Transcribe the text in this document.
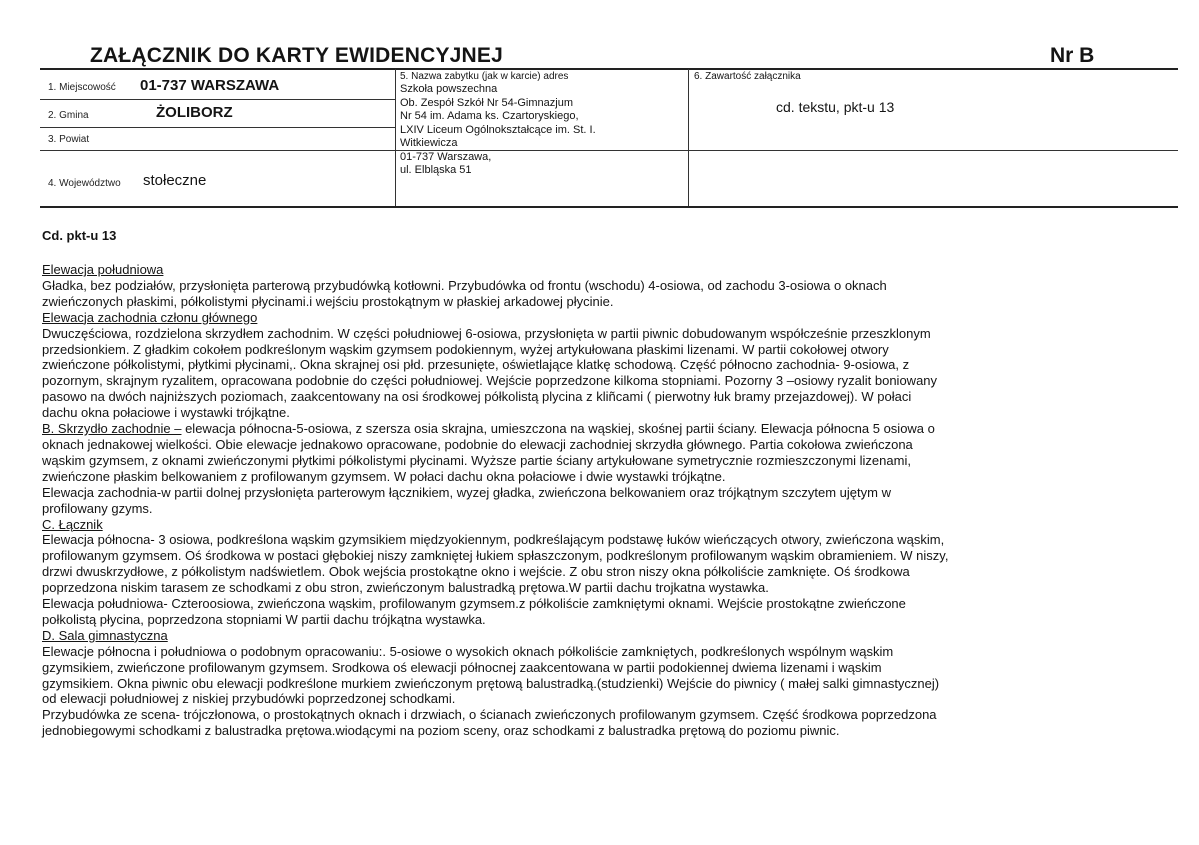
ZAŁĄCZNIK DO KARTY EWIDENCYJNEJ	Nr B
1. Miejscowość 01-737 WARSZAWA
2. Gmina	ŻOLIBORZ
3. Powiat
4. Województwo stołeczne
5. Nazwa zabytku (jak w karcie) adres
Szkoła powszechna
Ob. Zespół Szkół Nr 54-Gimnazjum
Nr 54 im. Adama ks. Czartoryskiego,
LXIV Liceum Ogólnokształcące im. St. I.
Witkiewicza
01-737 Warszawa,
ul. Elbląska 51
6. Zawartość załącznika
cd. tekstu, pkt-u 13
Cd. pkt-u 13

Elewacja południowa

Gładka, bez podziałów, przysłonięta parterową przybudówką kotłowni. Przybudówka od frontu (wschodu) 4-osiowa, od zachodu 3-osiowa o oknach

zwieńczonych płaskimi, półkolistymi płycinami.i wejściu prostokątnym w płaskiej arkadowej płycinie.

Elewacja zachodnia członu głównego

Dwuczęściowa, rozdzielona skrzydłem zachodnim. W części południowej 6-osiowa, przysłonięta w partii piwnic dobudowanym współcześnie przeszklonym

przedsionkiem. Z gładkim cokołem podkreślonym wąskim gzymsem podokiennym, wyżej artykułowana płaskimi lizenami. W partii cokołowej otwory

zwieńczone półkolistymi, płytkimi płycinami,. Okna skrajnej osi płd. przesunięte, oświetlające klatkę schodową. Część północno zachodnia- 9-osiowa, z

pozornym, skrajnym ryzalitem, opracowana podobnie do części południowej. Wejście poprzedzone kilkoma stopniami. Pozorny 3 –osiowy ryzalit boniowany

pasowo na dwóch najniższych poziomach, zaakcentowany na osi środkowej półkolistą plycina z kliñcami ( pierwotny łuk bramy przejazdowej). W połaci

dachu okna połaciowe i wystawki trójkątne.

B. Skrzydło zachodnie – elewacja północna-5-osiowa, z szersza osia skrajna, umieszczona na wąskiej, skośnej partii ściany. Elewacja północna 5 osiowa o

oknach jednakowej wielkości. Obie elewacje jednakowo opracowane, podobnie do elewacji zachodniej skrzydła głównego. Partia cokołowa zwieńczona

wąskim gzymsem, z oknami zwieńczonymi płytkimi półkolistymi płycinami. Wyższe partie ściany artykułowane symetrycznie rozmieszczonymi lizenami,

zwieńczone płaskim belkowaniem z profilowanym gzymsem. W połaci dachu okna połaciowe i dwie wystawki trójkątne.

Elewacja zachodnia-w partii dolnej przysłonięta parterowym łącznikiem, wyzej gładka, zwieńczona belkowaniem oraz trójkątnym szczytem ujętym w

profilowany gzyms.

C. Łącznik

Elewacja północna- 3 osiowa, podkreślona wąskim gzymsikiem międzyokiennym, podkreślającym podstawę łuków wieńczących otwory, zwieńczona wąskim,

profilowanym gzymsem. Oś środkowa w postaci głębokiej niszy zamkniętej łukiem spłaszczonym, podkreślonym profilowanym wąskim obramieniem. W niszy,

drzwi dwuskrzydłowe, z półkolistym nadświetlem. Obok wejścia prostokątne okno i wejście. Z obu stron niszy okna półkoliście zamknięte. Oś środkowa

poprzedzona niskim tarasem ze schodkami z obu stron, zwieńczonym balustradką prętowa.W partii dachu trojkatna wystawka.

Elewacja południowa- Czteroosiowa, zwieńczona wąskim, profilowanym gzymsem.z półkoliście zamkniętymi oknami. Wejście prostokątne zwieńczone

połkolistą płycina, poprzedzona stopniami W partii dachu trójkątna wystawka.

D. Sala gimnastyczna

Elewacje północna i południowa o podobnym opracowaniu:. 5-osiowe o wysokich oknach półkoliście zamkniętych, podkreślonych wspólnym wąskim

gzymsikiem, zwieńczone profilowanym gzymsem. Srodkowa oś elewacji północnej zaakcentowana w partii podokiennej dwiema lizenami i wąskim

gzymsikiem. Okna piwnic obu elewacji podkreślone murkiem zwieńczonym prętową balustradką.(studzienki) Wejście do piwnicy ( małej salki gimnastycznej)

od elewacji południowej z niskiej przybudówki poprzedzonej schodkami.

Przybudówka ze scena- trójczłonowa, o prostokątnych oknach i drzwiach, o ścianach zwieńczonych profilowanym gzymsem. Część środkowa poprzedzona

jednobiegowymi schodkami z balustradka prętowa.wiodącymi na poziom sceny, oraz schodkami z balustradka prętową do poziomu piwnic.
